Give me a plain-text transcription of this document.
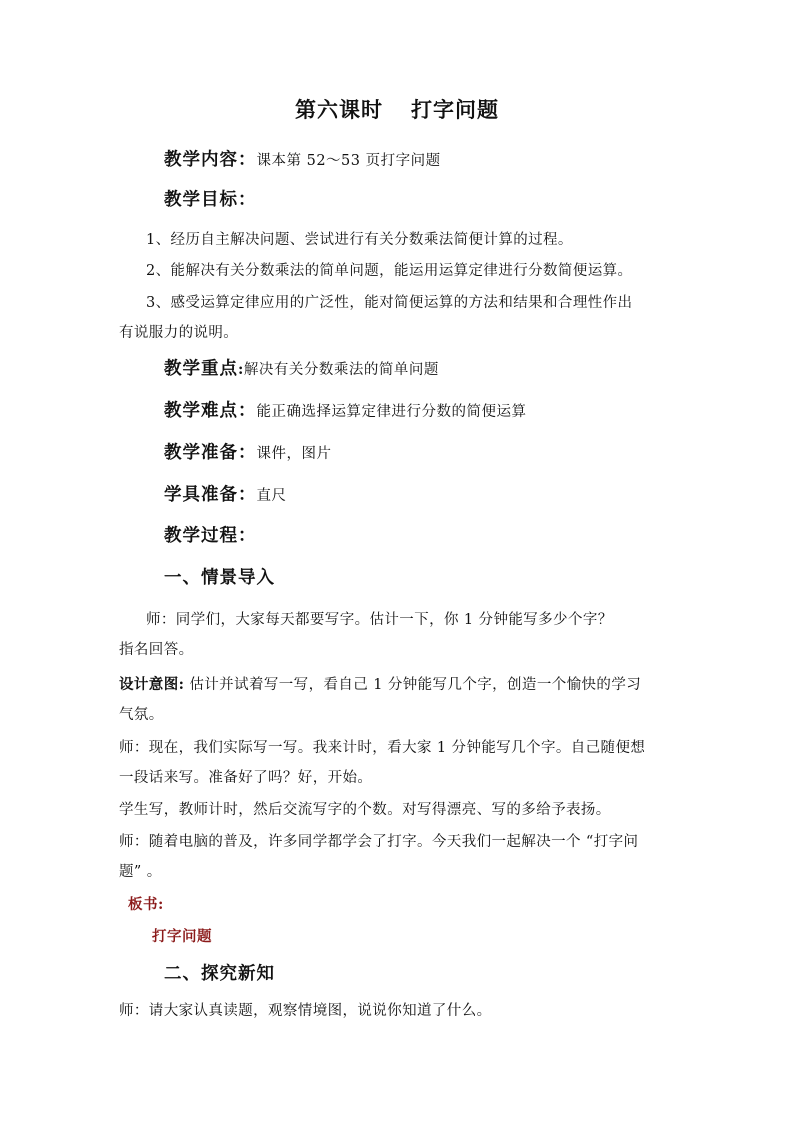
第六课时 打字问题
教学内容：课本第 52～53 页打字问题
教学目标：
1、经历自主解决问题、尝试进行有关分数乘法简便计算的过程。
2、能解决有关分数乘法的简单问题，能运用运算定律进行分数简便运算。
3、感受运算定律应用的广泛性，能对简便运算的方法和结果和合理性作出
有说服力的说明。
教学重点:解决有关分数乘法的简单问题
教学难点：能正确选择运算定律进行分数的简便运算
教学准备：课件，图片
学具准备：直尺
教学过程：
一、情景导入
师：同学们，大家每天都要写字。估计一下，你 1 分钟能写多少个字？
指名回答。
设计意图: 估计并试着写一写，看自己 1 分钟能写几个字，创造一个愉快的学习
气氛。
师：现在，我们实际写一写。我来计时，看大家 1 分钟能写几个字。自己随便想
一段话来写。准备好了吗？好，开始。
学生写，教师计时，然后交流写字的个数。对写得漂亮、写的多给予表扬。
师：随着电脑的普及，许多同学都学会了打字。今天我们一起解决一个 “打字问
题” 。
板书:
打字问题
二、探究新知
师：请大家认真读题，观察情境图，说说你知道了什么。
